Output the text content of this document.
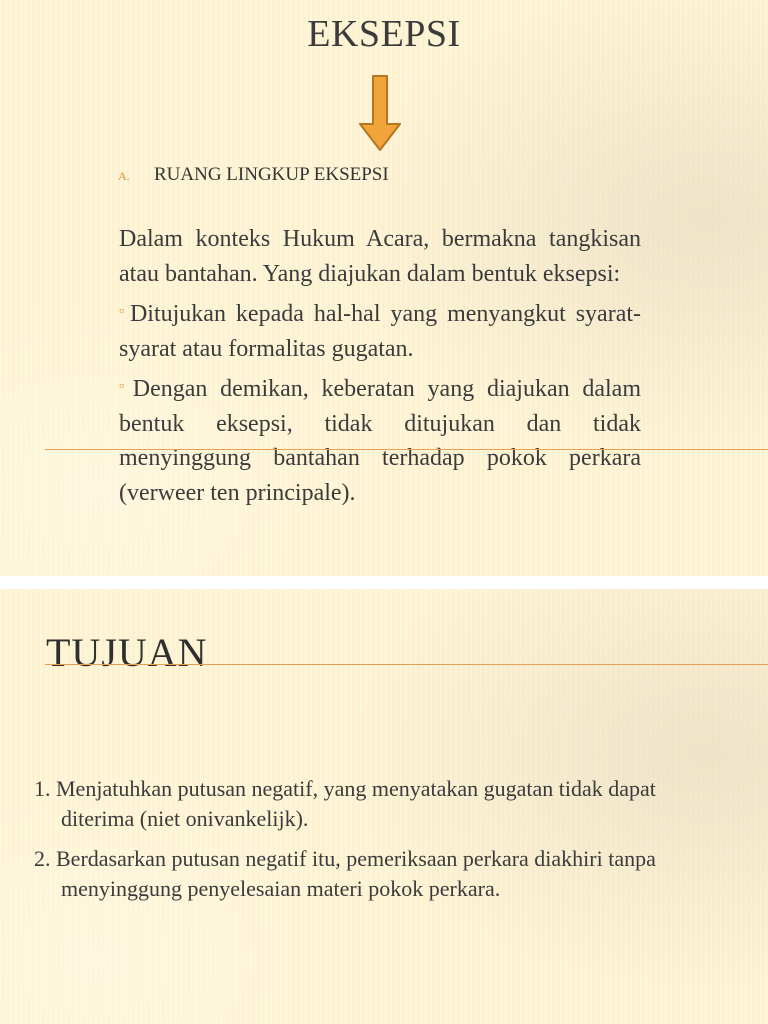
EKSEPSI
A.	RUANG LINGKUP EKSEPSI

Dalam konteks Hukum Acara, bermakna tangkisan atau bantahan. Yang diajukan dalam bentuk eksepsi:

▫Ditujukan kepada hal-hal yang menyangkut syarat-syarat atau formalitas gugatan.

▫Dengan demikan, keberatan yang diajukan dalam bentuk eksepsi, tidak ditujukan dan tidak menyinggung bantahan terhadap pokok perkara (verweer ten principale).

TUJUAN
1. Menjatuhkan putusan negatif, yang menyatakan gugatan tidak dapat diterima (niet onivankelijk).
2. Berdasarkan putusan negatif itu, pemeriksaan perkara diakhiri tanpa menyinggung penyelesaian materi pokok perkara.
